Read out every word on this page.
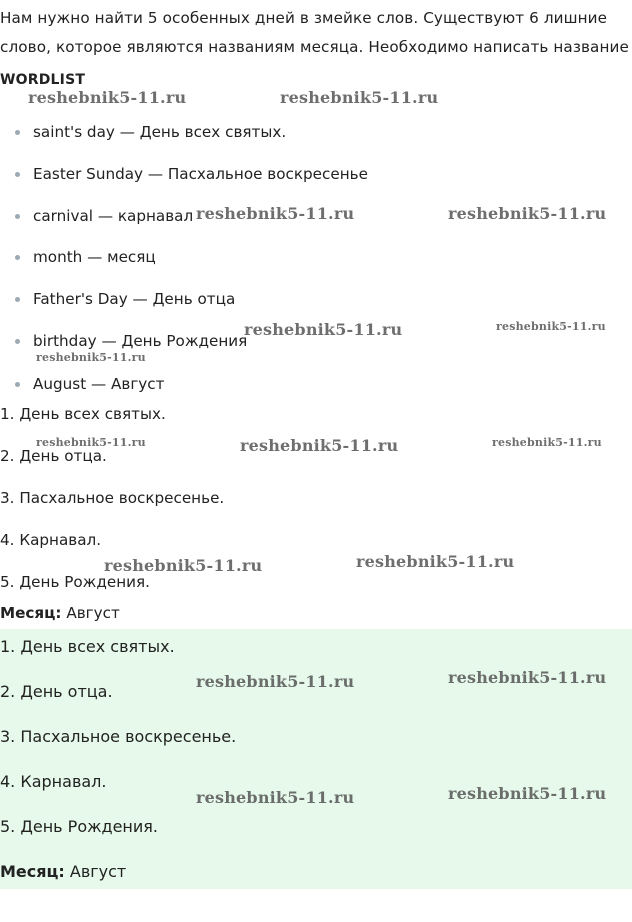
Нам нужно найти 5 особенных дней в змейке слов. Существуют 6 лишние

слово, которое являются названиям месяца. Необходимо написать название

WORDLIST
saint's day — День всех святых.
Easter Sunday — Пасхальное воскресенье
carnival — карнавал
month — месяц
Father's Day — День отца
birthday — День Рождения
August — Август
1. День всех святых.
2. День отца.
3. Пасхальное воскресенье.
4. Карнавал.
5. День Рождения.
Месяц: Август
1. День всех святых.
2. День отца.
3. Пасхальное воскресенье.
4. Карнавал.
5. День Рождения.
Месяц: Август
reshebnik5-11.ru	reshebnik5-11.ru
reshebnik5-11.ru	reshebnik5-11.ru
reshebnik5-11.ru	reshebnik5-11.ru
reshebnik5-11.ru
reshebnik5-11.ru	reshebnik5-11.ru	reshebnik5-11.ru
reshebnik5-11.ru	reshebnik5-11.ru
reshebnik5-11.ru	reshebnik5-11.ru
reshebnik5-11.ru	reshebnik5-11.ru
